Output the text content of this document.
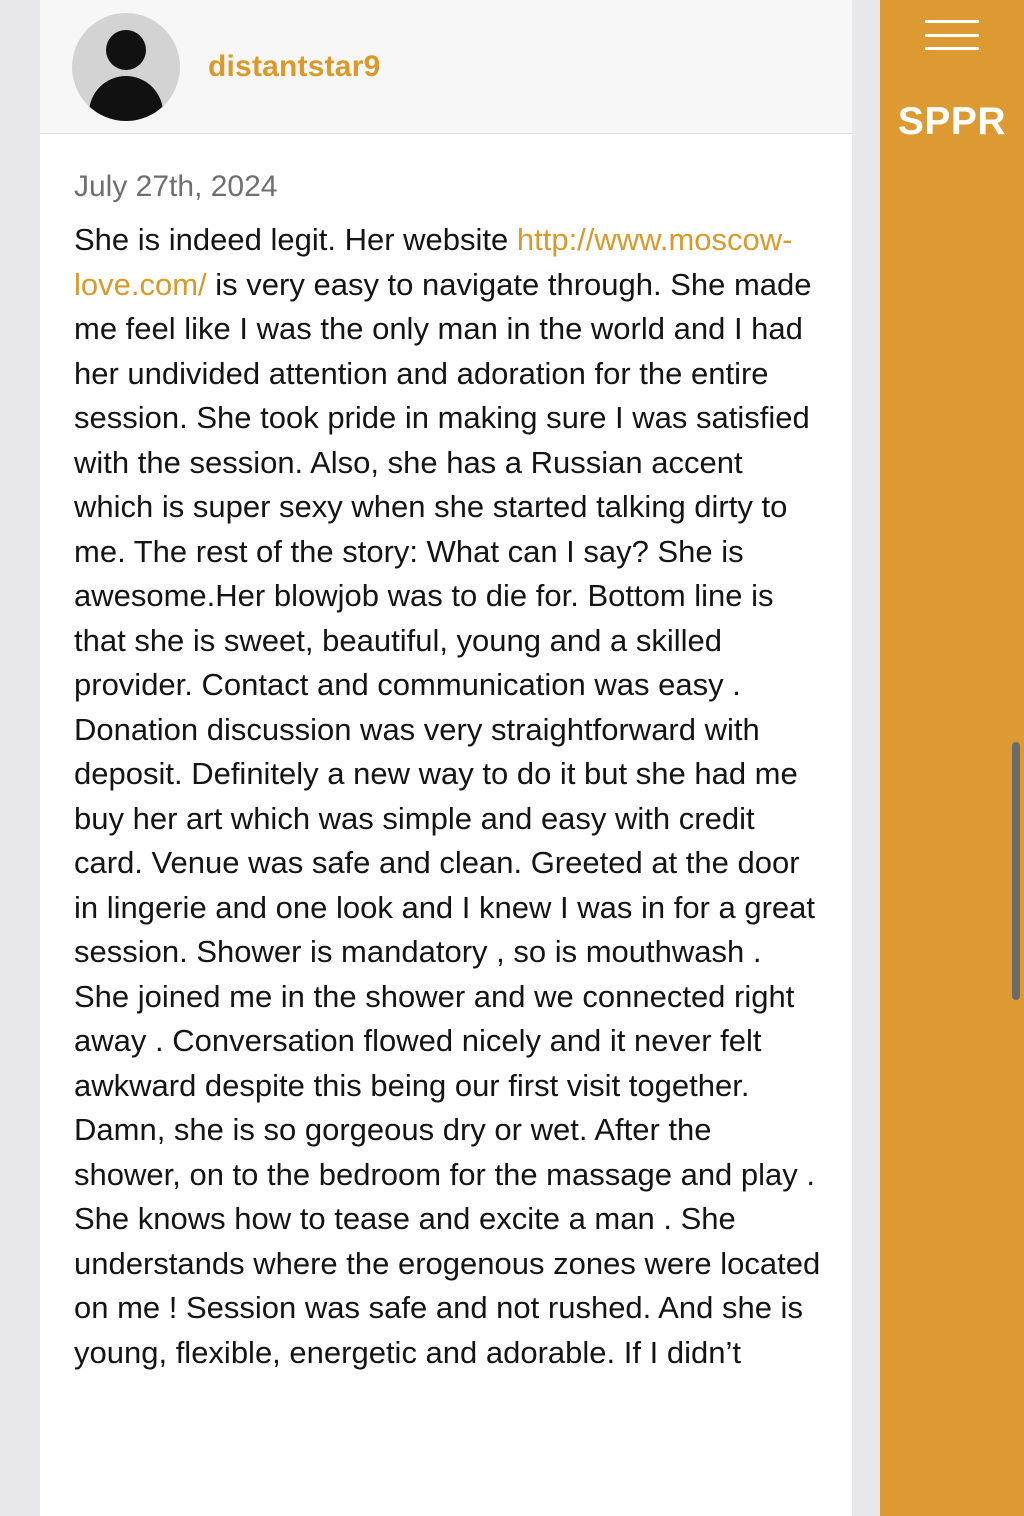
distantstar9
July 27th, 2024
She is indeed legit. Her website http://www.moscow-love.com/ is very easy to navigate through. She made me feel like I was the only man in the world and I had her undivided attention and adoration for the entire session. She took pride in making sure I was satisfied with the session. Also, she has a Russian accent which is super sexy when she started talking dirty to me. The rest of the story: What can I say? She is awesome.Her blowjob was to die for. Bottom line is that she is sweet, beautiful, young and a skilled provider. Contact and communication was easy . Donation discussion was very straightforward with deposit. Definitely a new way to do it but she had me buy her art which was simple and easy with credit card. Venue was safe and clean. Greeted at the door in lingerie and one look and I knew I was in for a great session. Shower is mandatory , so is mouthwash . She joined me in the shower and we connected right away . Conversation flowed nicely and it never felt awkward despite this being our first visit together. Damn, she is so gorgeous dry or wet. After the shower, on to the bedroom for the massage and play . She knows how to tease and excite a man . She understands where the erogenous zones were located on me ! Session was safe and not rushed. And she is young, flexible, energetic and adorable. If I didn’t
SPPR
